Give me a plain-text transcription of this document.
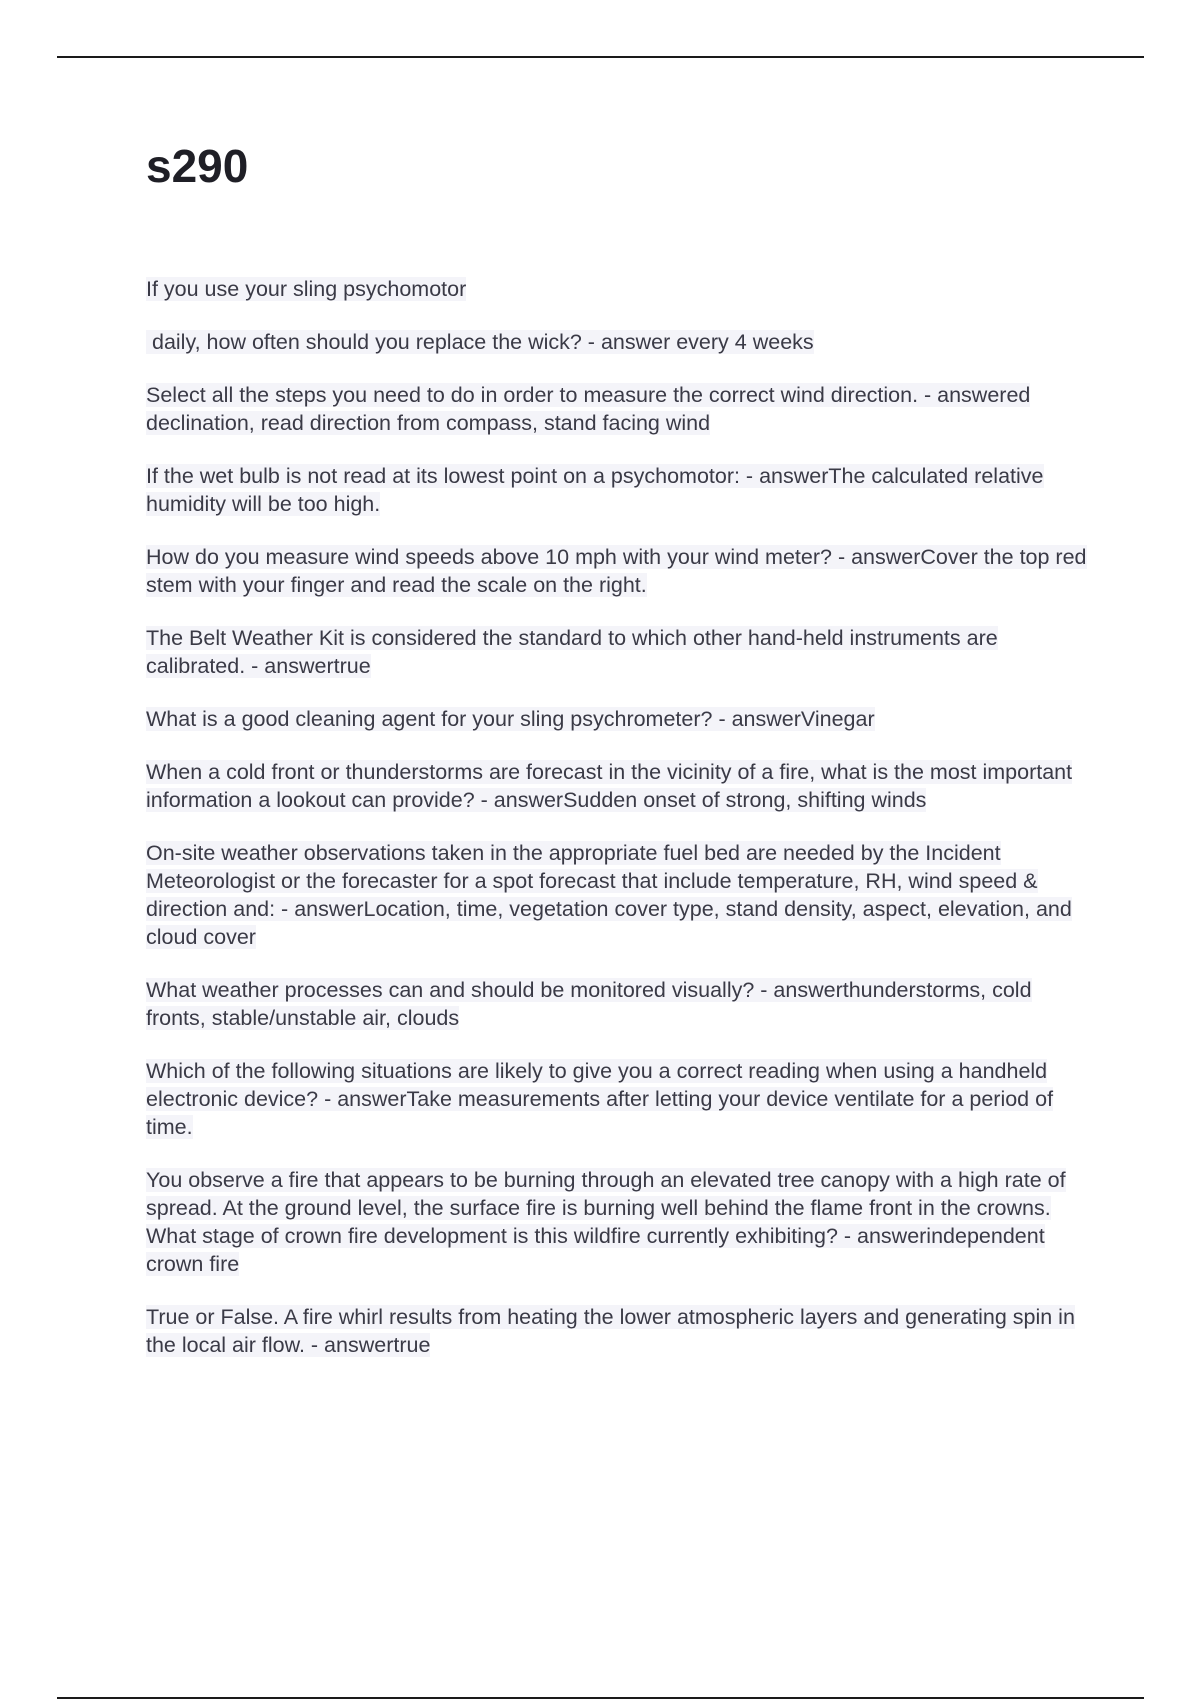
s290

If you use your sling psychomotor

daily, how often should you replace the wick? - answer every 4 weeks

Select all the steps you need to do in order to measure the correct wind direction. - answered declination, read direction from compass, stand facing wind

If the wet bulb is not read at its lowest point on a psychomotor: - answerThe calculated relative humidity will be too high.

How do you measure wind speeds above 10 mph with your wind meter? - answerCover the top red stem with your finger and read the scale on the right.

The Belt Weather Kit is considered the standard to which other hand-held instruments are calibrated. - answertrue

What is a good cleaning agent for your sling psychrometer? - answerVinegar

When a cold front or thunderstorms are forecast in the vicinity of a fire, what is the most important information a lookout can provide? - answerSudden onset of strong, shifting winds

On-site weather observations taken in the appropriate fuel bed are needed by the Incident Meteorologist or the forecaster for a spot forecast that include temperature, RH, wind speed & direction and: - answerLocation, time, vegetation cover type, stand density, aspect, elevation, and cloud cover

What weather processes can and should be monitored visually? - answerthunderstorms, cold fronts, stable/unstable air, clouds

Which of the following situations are likely to give you a correct reading when using a handheld electronic device? - answerTake measurements after letting your device ventilate for a period of time.

You observe a fire that appears to be burning through an elevated tree canopy with a high rate of spread. At the ground level, the surface fire is burning well behind the flame front in the crowns. What stage of crown fire development is this wildfire currently exhibiting? - answerindependent crown fire

True or False. A fire whirl results from heating the lower atmospheric layers and generating spin in the local air flow. - answertrue
